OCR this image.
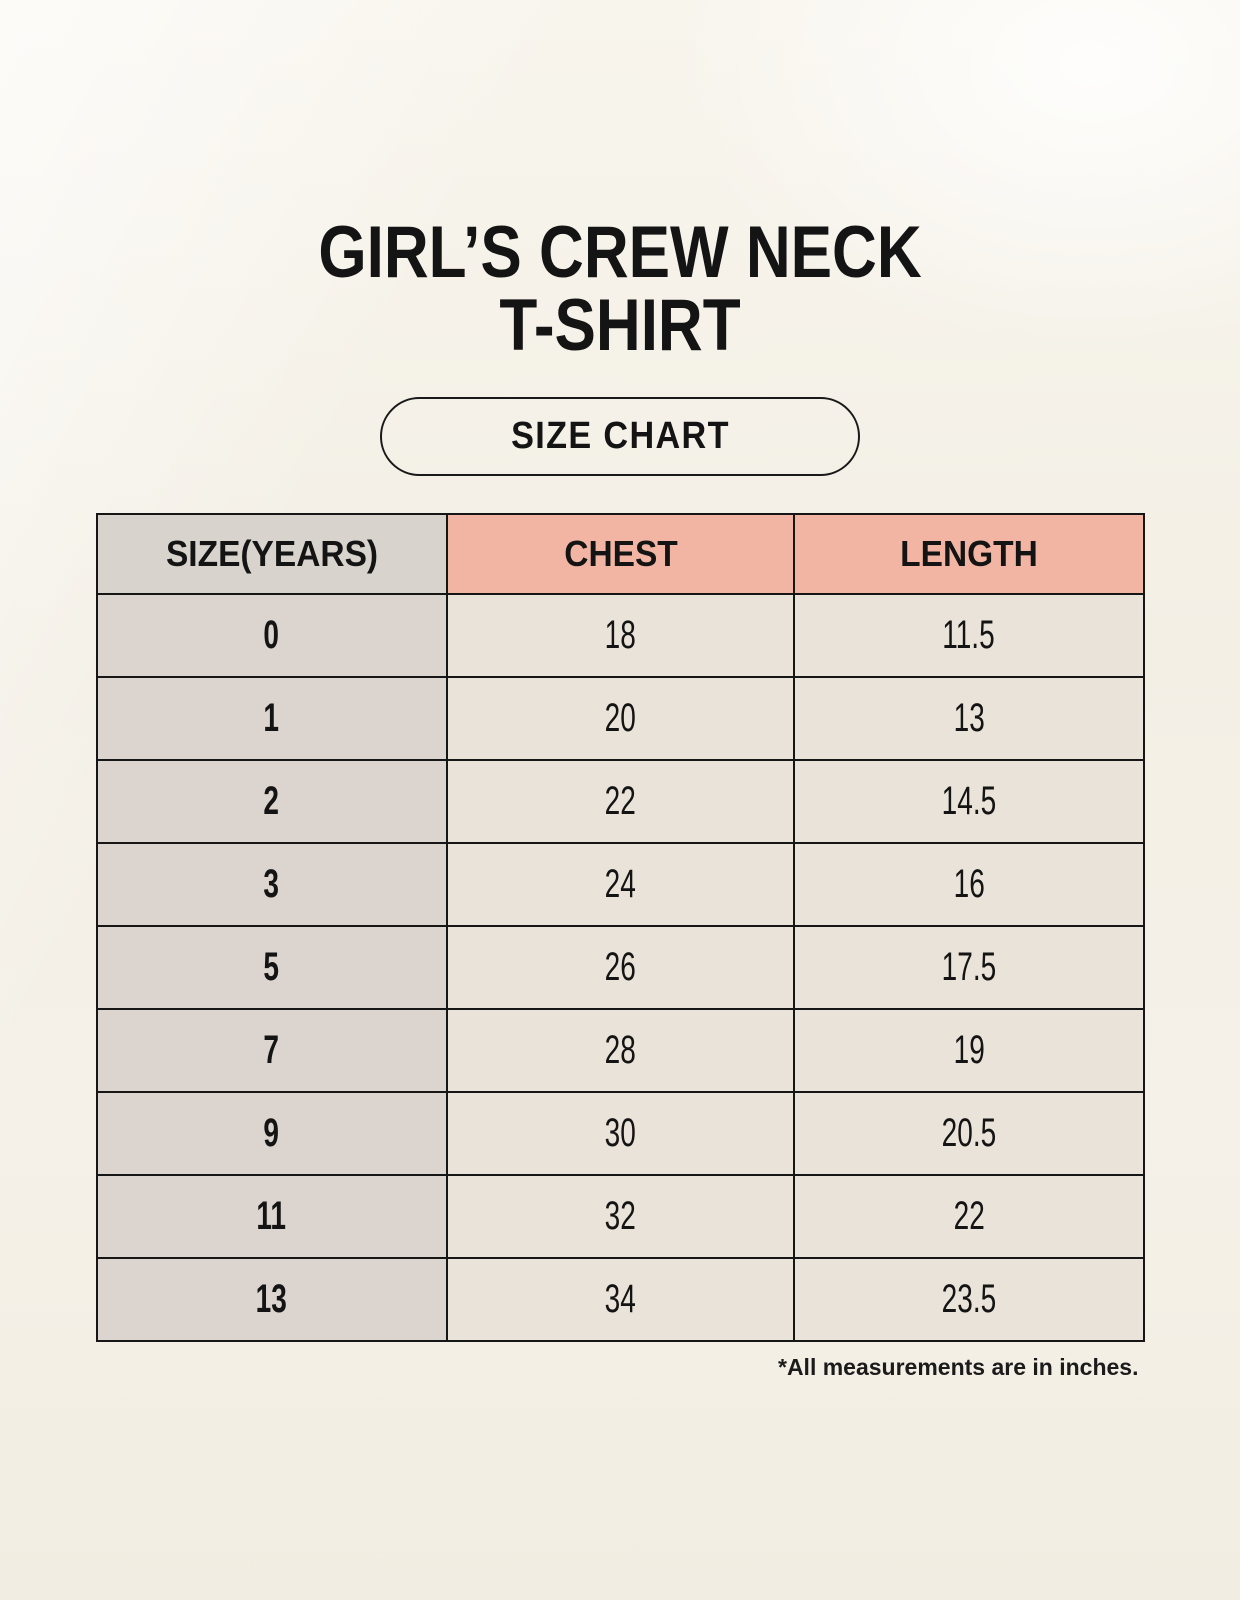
GIRL’S CREW NECK
T-SHIRT
SIZE CHART
SIZE(YEARS)	CHEST	LENGTH
0	18	11.5
1	20	13
2	22	14.5
3	24	16
5	26	17.5
7	28	19
9	30	20.5
11	32	22
13	34	23.5
*All measurements are in inches.
